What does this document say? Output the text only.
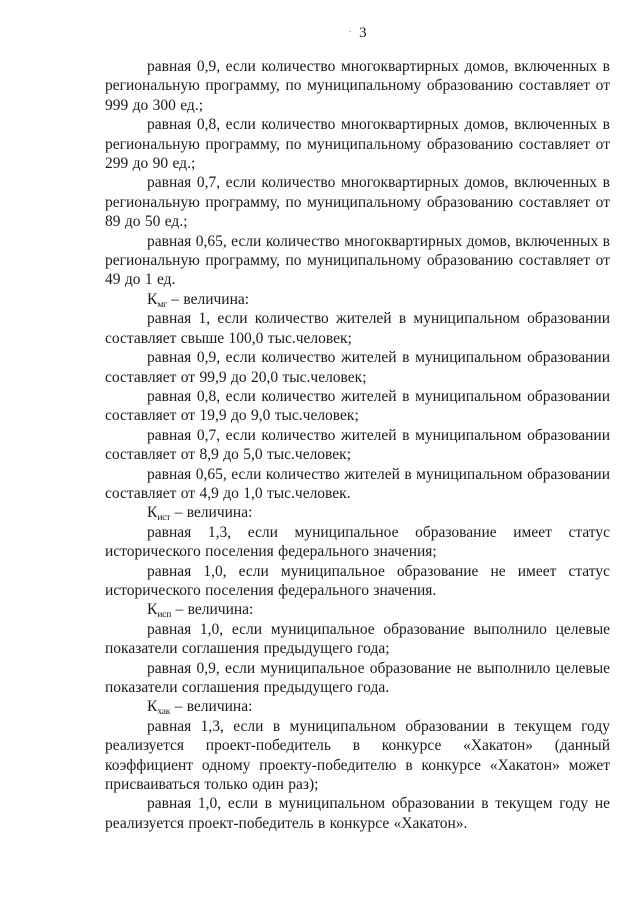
· 3

равная 0,9, если количество многоквартирных домов, включенных в региональную программу, по муниципальному образованию составляет от 999 до 300 ед.;

равная 0,8, если количество многоквартирных домов, включенных в региональную программу, по муниципальному образованию составляет от 299 до 90 ед.;

равная 0,7, если количество многоквартирных домов, включенных в региональную программу, по муниципальному образованию составляет от 89 до 50 ед.;

равная 0,65, если количество многоквартирных домов, включенных в региональную программу, по муниципальному образованию составляет от 49 до 1 ед.

$К_{мг}$ – величина:

равная 1, если количество жителей в муниципальном образовании составляет свыше 100,0 тыс.человек;

равная 0,9, если количество жителей в муниципальном образовании составляет от 99,9 до 20,0 тыс.человек;

равная 0,8, если количество жителей в муниципальном образовании составляет от 19,9 до 9,0 тыс.человек;

равная 0,7, если количество жителей в муниципальном образовании составляет от 8,9 до 5,0 тыс.человек;

равная 0,65, если количество жителей в муниципальном образовании составляет от 4,9 до 1,0 тыс.человек.

$К_{ист}$ – величина:

равная 1,3, если муниципальное образование имеет статус исторического поселения федерального значения;

равная 1,0, если муниципальное образование не имеет статус исторического поселения федерального значения.

$К_{исп}$ – величина:

равная 1,0, если муниципальное образование выполнило целевые показатели соглашения предыдущего года;

равная 0,9, если муниципальное образование не выполнило целевые показатели соглашения предыдущего года.

$К_{хак}$ – величина:

равная 1,3, если в муниципальном образовании в текущем году реализуется проект-победитель в конкурсе «Хакатон» (данный коэффициент одному проекту-победителю в конкурсе «Хакатон» может присваиваться только один раз);

равная 1,0, если в муниципальном образовании в текущем году не реализуется проект-победитель в конкурсе «Хакатон».
